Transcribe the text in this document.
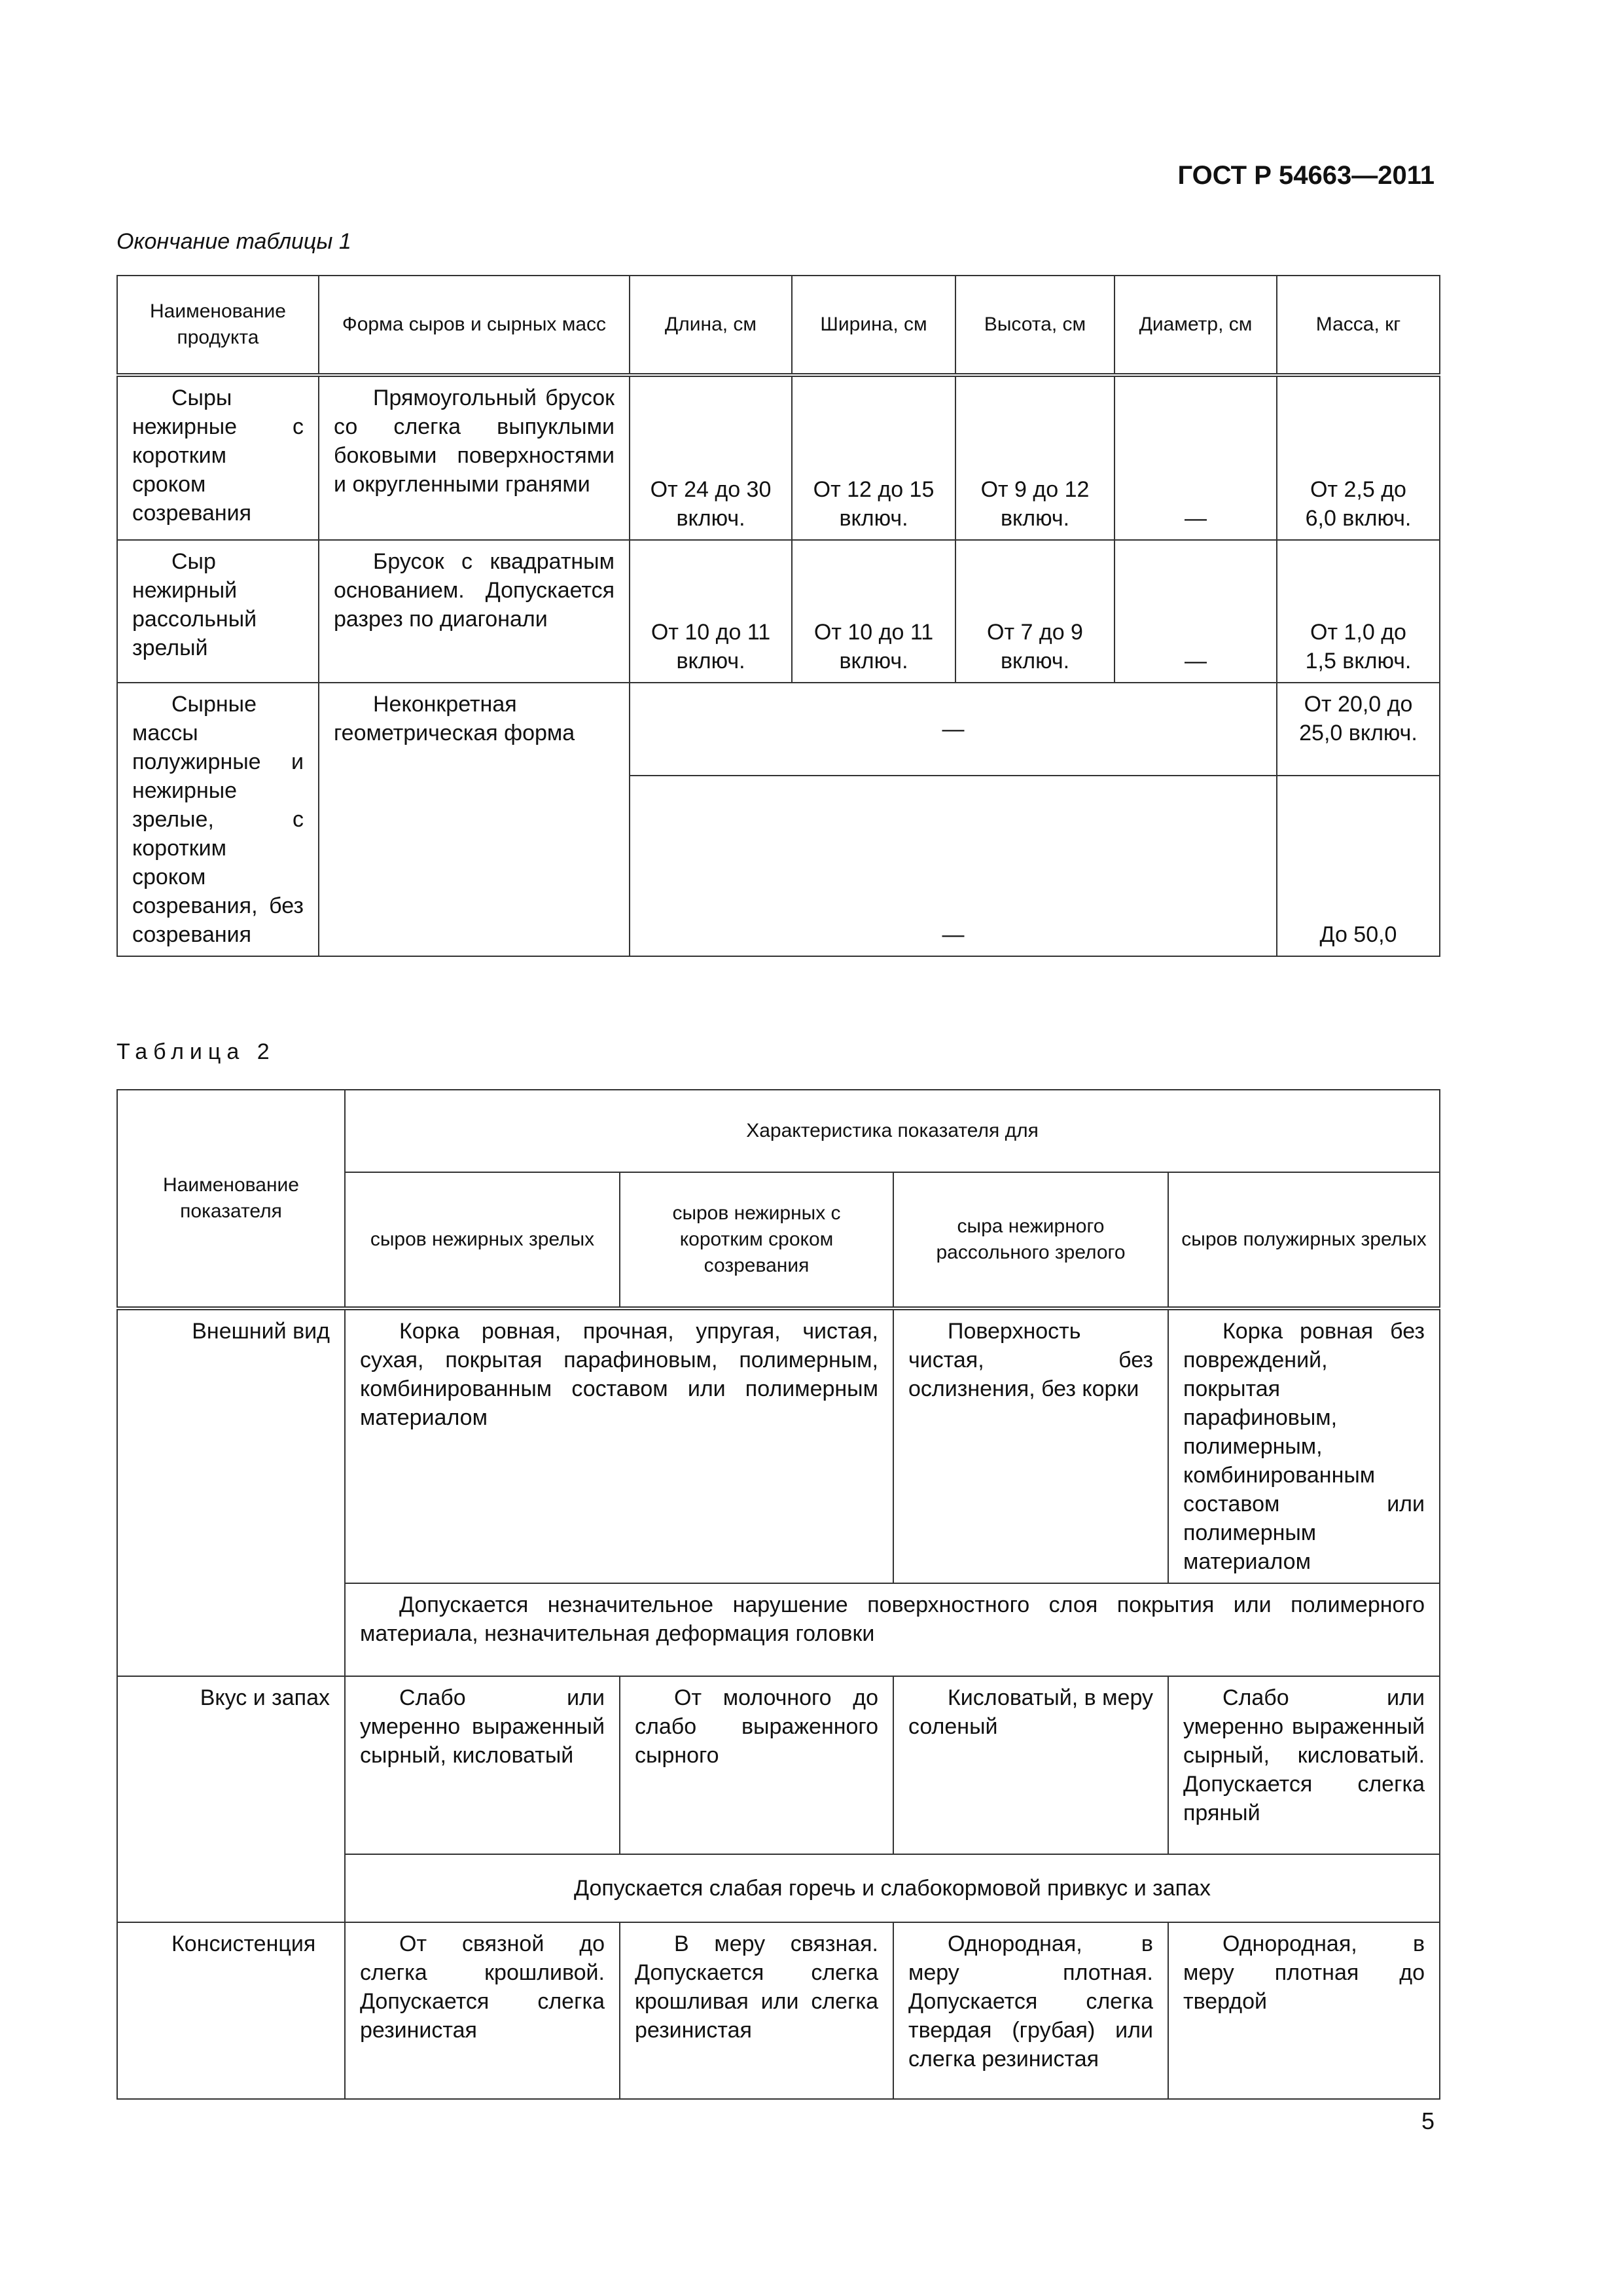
ГОСТ Р 54663—2011
Окончание таблицы 1
Наименование продукта	Форма сыров и сырных масс	Длина, см	Ширина, см	Высота, см	Диаметр, см	Масса, кг
Сыры нежирные с коротким сроком созревания	Прямоугольный брусок со слегка выпуклыми боковыми поверхностями и округленными гранями	От 24 до 30 включ.	От 12 до 15 включ.	От 9 до 12 включ.	—	От 2,5 до 6,0 включ.
Сыр нежирный рассольный зрелый	Брусок с квадратным основанием. Допускается разрез по диагонали	От 10 до 11 включ.	От 10 до 11 включ.	От 7 до 9 включ.	—	От 1,0 до 1,5 включ.
Сырные массы полужирные и нежирные зрелые, с коротким сроком созревания, без созревания	Неконкретная геометрическая форма	—				От 20,0 до 25,0 включ.
		—				До 50,0
Таблица 2
Наименование показателя	Характеристика показателя для			
	сыров нежирных зрелых	сыров нежирных с коротким сроком созревания	сыра нежирного рассольного зрелого	сыров полужирных зрелых
Внешний вид	Корка ровная, прочная, упругая, чистая, сухая, покрытая парафиновым, полимерным, комбинированным составом или полимерным материалом		Поверхность чистая, без ослизнения, без корки	Корка ровная без повреждений, покрытая парафиновым, полимерным, комбинированным составом или полимерным материалом
	Допускается незначительное нарушение поверхностного слоя покрытия или полимерного материала, незначительная деформация головки			
Вкус и запах	Слабо или умеренно выраженный сырный, кисловатый	От молочного до слабо выраженного сырного	Кисловатый, в меру соленый	Слабо или умеренно выраженный сырный, кисловатый. Допускается слегка пряный
	Допускается слабая горечь и слабокормовой привкус и запах			
Консистенция	От связной до слегка крошливой. Допускается слегка резинистая	В меру связная. Допускается слегка крошливая или слегка резинистая	Однородная, в меру плотная. Допускается слегка твердая (грубая) или слегка резинистая	Однородная, в меру плотная до твердой
5
